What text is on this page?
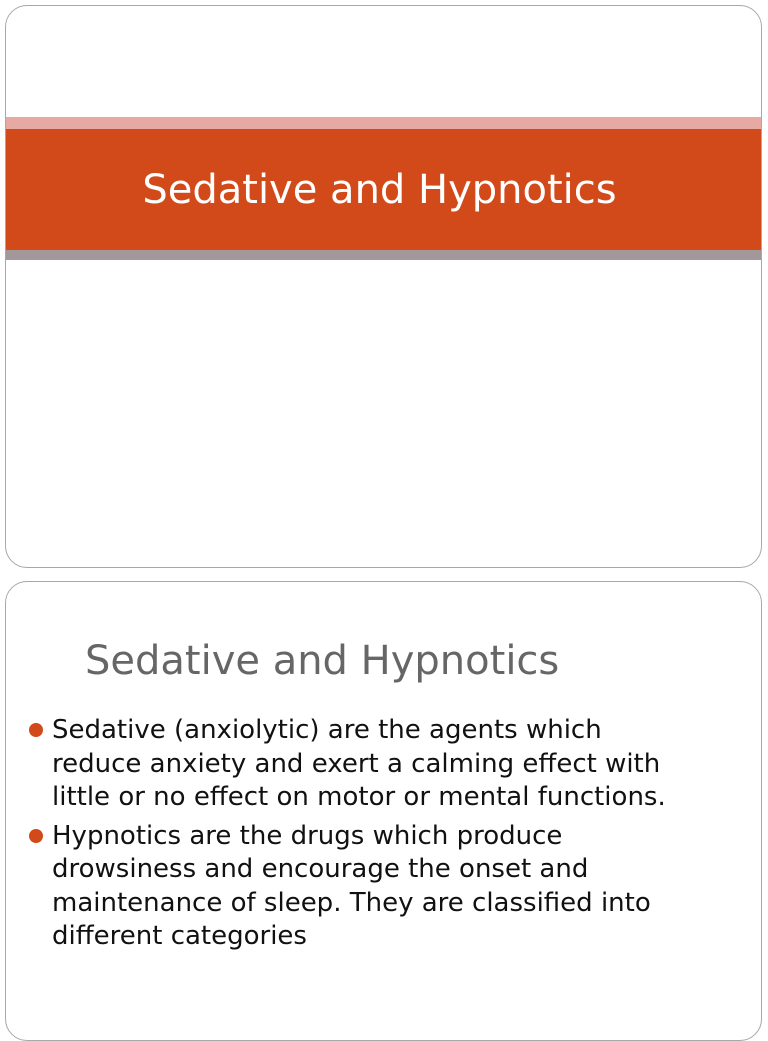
Sedative and Hypnotics
Sedative and Hypnotics
Sedative (anxiolytic) are the agents which
reduce anxiety and exert a calming effect with
little or no effect on motor or mental functions.
Hypnotics are the drugs which produce
drowsiness and encourage the onset and
maintenance of sleep. They are classified into
different categories
